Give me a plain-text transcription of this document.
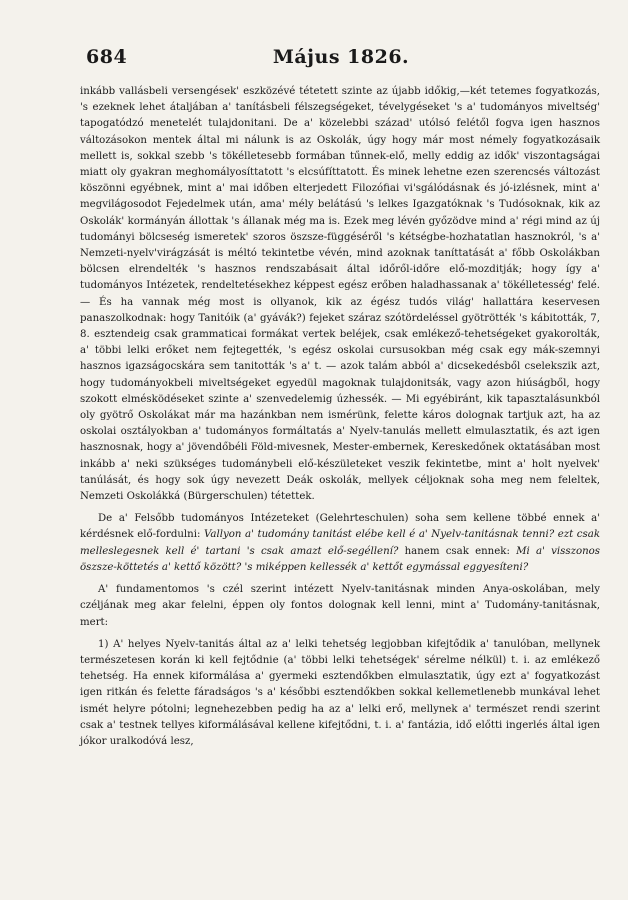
684	Május 1826.

inkább vallásbeli versengések' eszközévé tétetett szinte az újabb időkig,—két tetemes fogyatkozás, 's ezeknek lehet átaljában a' tanításbeli félszegségeket, tévelygéseket 's a' tudományos miveltség' tapogatódzó menetelét tulajdonitani. De a' közelebbi század' utólsó felétől fogva igen hasznos változásokon mentek által mi nálunk is az Oskolák, úgy hogy már most némely fogyatkozásaik mellett is, sokkal szebb 's tökélletesebb formában tűnnek-elő, melly eddig az idők' viszontagságai miatt oly gyakran meghomályosíttatott 's elcsúfíttatott. És minek lehetne ezen szerencsés változást köszönni egyébnek, mint a' mai időben elterjedett Filozófiai vi'sgálódásnak és jó-izlésnek, mint a' megvilágosodot Fejedelmek után, ama' mély belátású 's lelkes Igazgatóknak 's Tudósoknak, kik az Oskolák' kormányán állottak 's állanak még ma is. Ezek meg lévén győzödve mind a' régi mind az új tudományi bölcseség ismeretek' szoros öszsze-függéséről 's kétségbe-hozhatatlan hasznokról, 's a' Nemzeti-nyelv'virágzását is méltó tekintetbe vévén, mind azoknak taníttatását a' főbb Oskolákban bölcsen elrendelték 's hasznos rendszabásait által időről-időre elő-mozditják; hogy így a' tudományos Intézetek, rendeltetésekhez képpest egész erőben haladhassanak a' tökélletesség' felé. — És ha vannak még most is ollyanok, kik az égész tudós világ' hallattára keservesen panaszolkodnak: hogy Tanitóik (a' gyávák?) fejeket száraz szótördeléssel gyötrötték 's kábitották, 7, 8. esztendeig csak grammaticai formákat vertek beléjek, csak emlékező-tehetségeket gyakorolták, a' többi lelki erőket nem fejtegették, 's egész oskolai cursusokban még csak egy mák-szemnyi hasznos igazságocskára sem tanitották 's a' t. — azok talám abból a' dicsekedésből cselekszik azt, hogy tudományokbeli miveltségeket egyedül magoknak tulajdonitsák, vagy azon hiúságből, hogy szokott elmésködéseket szinte a' szenvedelemig úzhessék. — Mi egyébiránt, kik tapasztalásunkból oly gyötrő Oskolákat már ma hazánkban nem ismérünk, felette káros dolognak tartjuk azt, ha az oskolai osztályokban a' tudományos formáltatás a' Nyelv-tanulás mellett elmulasztatik, és azt igen hasznosnak, hogy a' jövendőbéli Föld-mivesnek, Mester-embernek, Kereskedőnek oktatásában most inkább a' neki szükséges tudománybeli elő-készületeket veszik fekintetbe, mint a' holt nyelvek' tanúlását, és hogy sok úgy nevezett Deák oskolák, mellyek céljoknak soha meg nem feleltek, Nemzeti Oskolákká (Bürgerschulen) tétettek.

De a' Felsőbb tudományos Intézeteket (Gelehrteschulen) soha sem kellene többé ennek a' kérdésnek elő-fordulni: Vallyon a' tudomány tanitást elébe kell é a' Nyelv-tanitásnak tenni? ezt csak melleslegesnek kell é' tartani 's csak amazt elő-segéllení? hanem csak ennek: Mi a' visszonos öszsze-köttetés a' kettő között? 's miképpen kellessék a' kettőt egymással eggyesíteni?

A' fundamentomos 's czél szerint intézett Nyelv-tanitásnak minden Anya-oskolában, mely czéljának meg akar felelni, éppen oly fontos dolognak kell lenni, mint a' Tudomány-tanitásnak, mert:

1) A' helyes Nyelv-tanitás által az a' lelki tehetség legjobban kifejtődik a' tanulóban, mellynek természetesen korán ki kell fejtődnie (a' többi lelki tehetségek' sérelme nélkül) t. i. az emlékező tehetség. Ha ennek kiformálása a' gyermeki esztendőkben elmulasztatik, úgy ezt a' fogyatkozást igen ritkán és felette fáradságos 's a' későbbi esztendőkben sokkal kellemetlenebb munkával lehet ismét helyre pótolni; legnehezebben pedig ha az a' lelki erő, mellynek a' természet rendi szerint csak a' testnek tellyes kiformálásával kellene kifejtődni, t. i. a' fantázia, idő előtti ingerlés által igen jókor uralkodóvá lesz,
